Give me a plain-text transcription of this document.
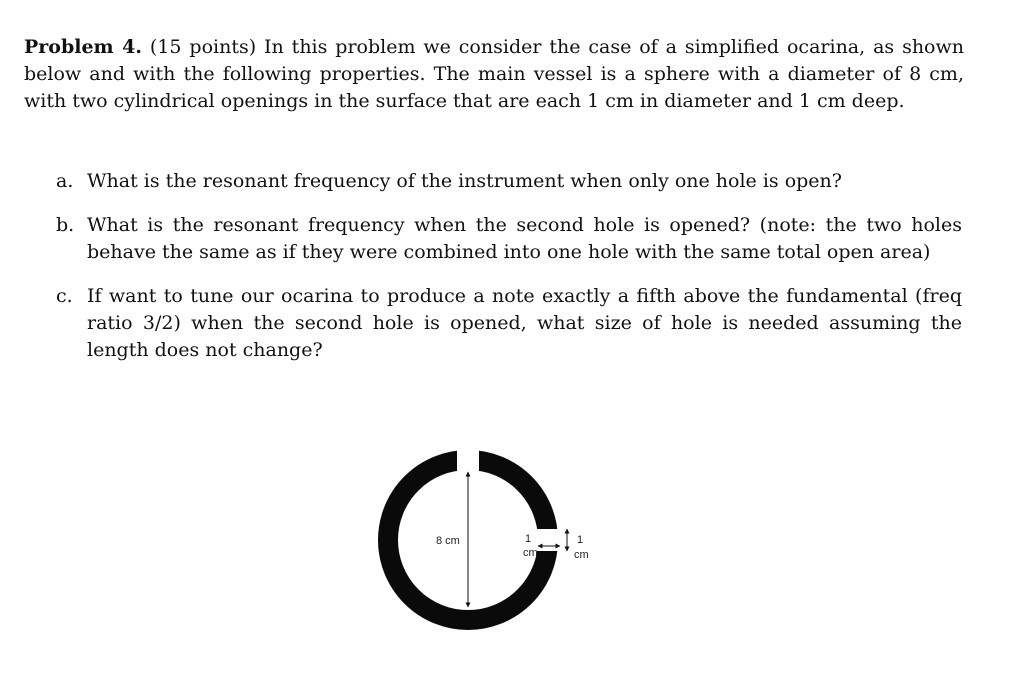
Problem 4. (15 points) In this problem we consider the case of a simplified ocarina, as shown below and with the following properties. The main vessel is a sphere with a diameter of 8 cm, with two cylindrical openings in the surface that are each 1 cm in diameter and 1 cm deep.

a. What is the resonant frequency of the instrument when only one hole is open?
b. What is the resonant frequency when the second hole is opened? (note: the two holes behave the same as if they were combined into one hole with the same total open area)
c. If want to tune our ocarina to produce a note exactly a fifth above the fundamental (freq ratio 3/2) when the second hole is opened, what size of hole is needed assuming the length does not change?
8 cm	1
cm
1
cm
